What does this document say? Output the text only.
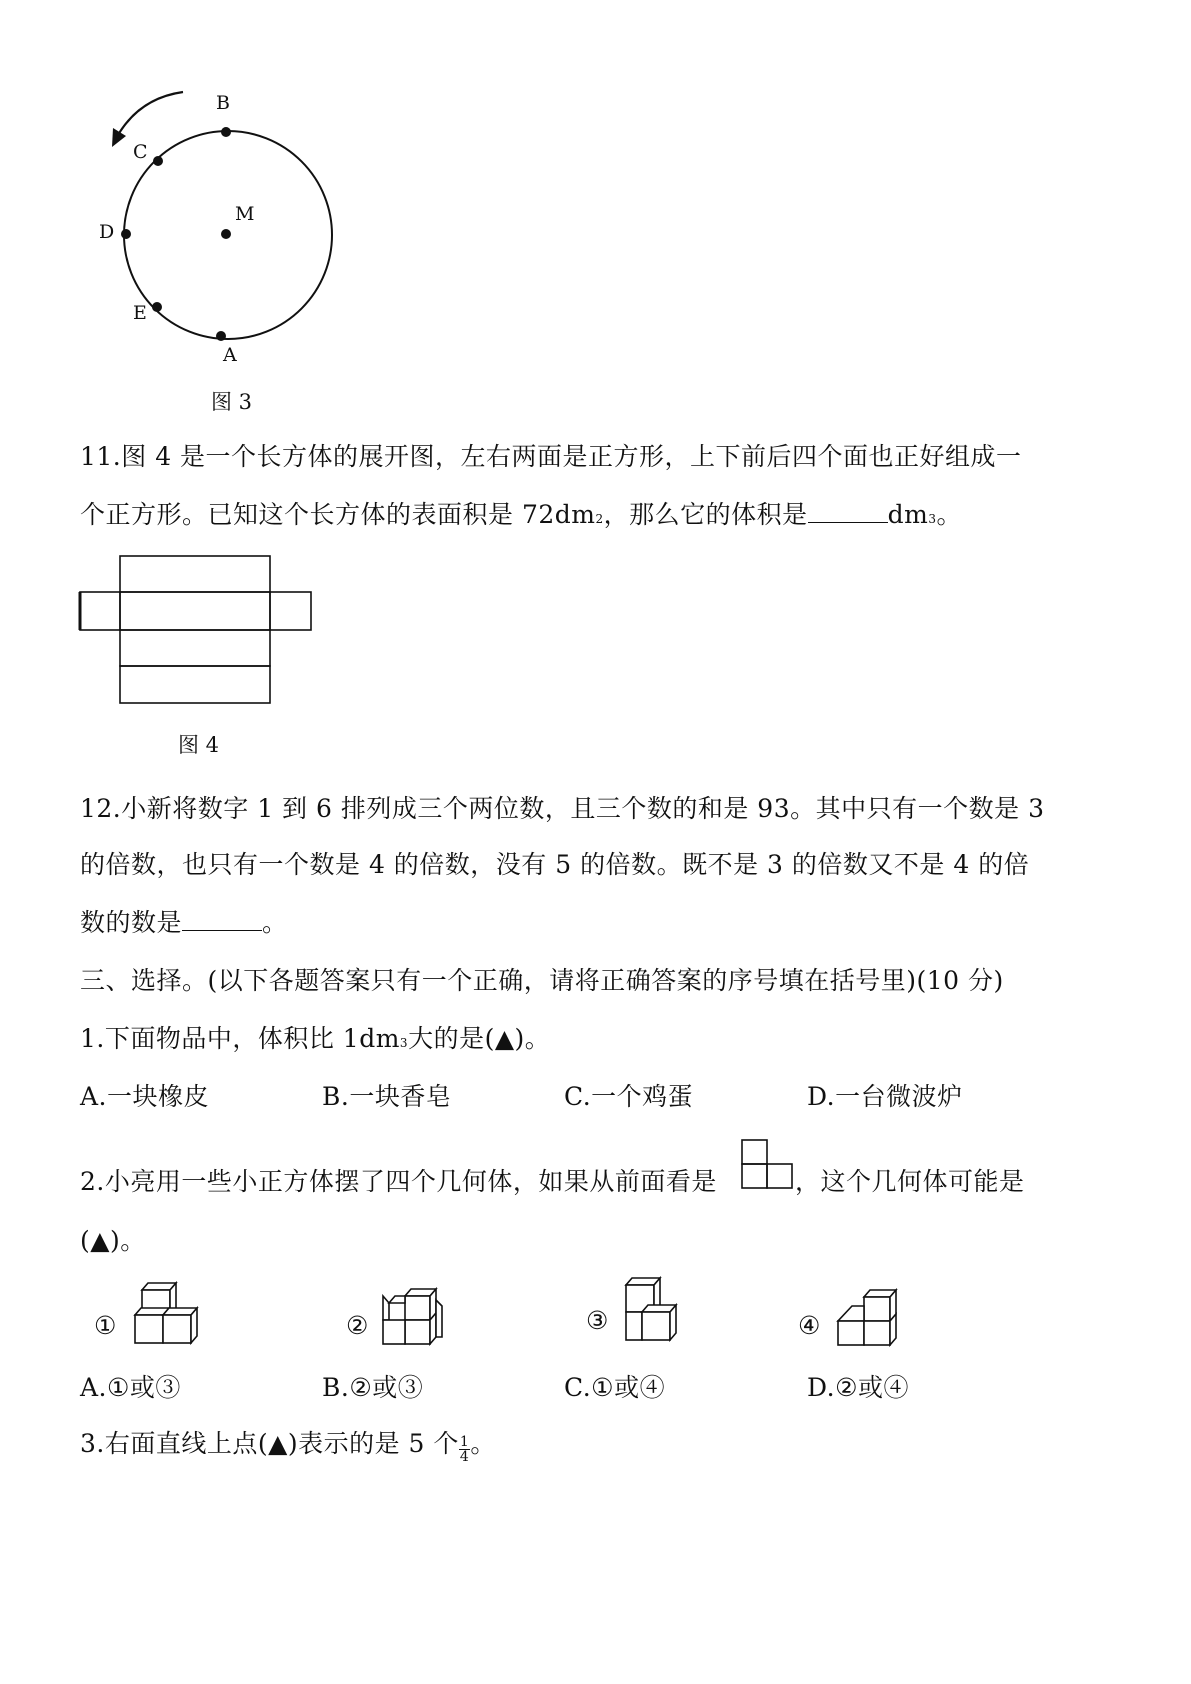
B
C
D
E
A
M
图 3
11.图 4 是一个长方体的展开图，左右两面是正方形，上下前后四个面也正好组成一
个正方形。已知这个长方体的表面积是 72dm2，那么它的体积是	dm3。
图 4
12.小新将数字 1 到 6 排列成三个两位数，且三个数的和是 93。其中只有一个数是 3
的倍数，也只有一个数是 4 的倍数，没有 5 的倍数。既不是 3 的倍数又不是 4 的倍
数的数是	。
三、选择。(以下各题答案只有一个正确，请将正确答案的序号填在括号里)(10 分)
1.下面物品中，体积比 1dm3大的是(▲)。
A.一块橡皮	B.一块香皂	C.一个鸡蛋	D.一台微波炉
2.小亮用一些小正方体摆了四个几何体，如果从前面看是	，这个几何体可能是
(▲)。
①	②	③	④
A.①或③	B.②或③	C.①或④	D.②或④
3.右面直线上点(▲)表示的是 5 个 $\frac{1}{4}$ 。
